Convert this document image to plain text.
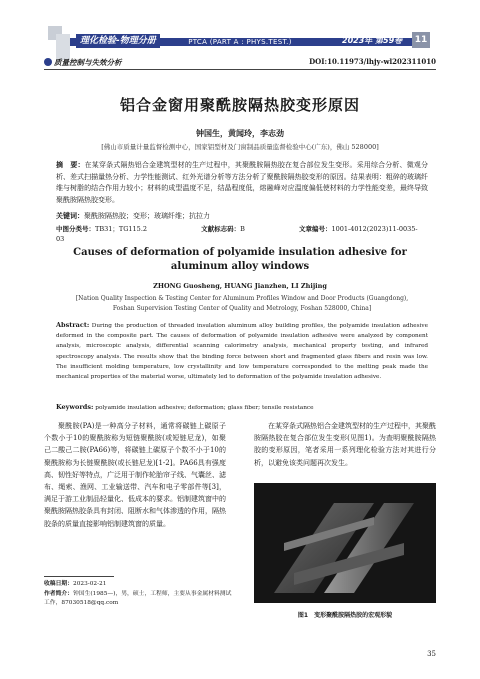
理化检验-物理分册	PTCA (PART A : PHYS.TEST.)	2023年 第59卷	11
质量控制与失效分析	DOI:10.11973/lhjy-wl202311010
铝合金窗用聚酰胺隔热胶变形原因
钟国生，黄闻玲，李志劲
[佛山市质量计量监督检测中心，国家铝型材及门窗制品质量监督检验中心(广东)，佛山 528000]
摘　要：在某穿条式隔热铝合金建筑型材的生产过程中，其聚酰胺隔热胶在复合部位发生变形。采用综合分析、微观分析、差式扫描量热分析、力学性能测试、红外光谱分析等方法分析了聚酰胺隔热胶变形的原因。结果表明：粗碎的玻璃纤维与树脂的结合作用力较小；材料的成型温度不足，结晶程度低，熔融峰对应温度偏低使材料的力学性能变差，最终导致聚酰胺隔热胶变形。
关键词：聚酰胺隔热胶；变形；玻璃纤维；抗拉力
中图分类号：TB31；TG115.2	文献标志码：B	文章编号：1001-4012(2023)11-0035-03
Causes of deformation of polyamide insulation adhesive for
aluminum alloy windows
ZHONG Guosheng, HUANG Jianzhen, LI Zhijing
[Nation Quality Inspection & Testing Center for Aluminum Profiles Window and Door Products (Guangdong),
Foshan Supervision Testing Center of Quality and Metrology, Foshan 528000, China]
Abstract: During the production of threaded insulation aluminum alloy building profiles, the polyamide insulation adhesive deformed in the composite part. The causes of deformation of polyamide insulation adhesive were analyzed by component analysis, microscopic analysis, differential scanning calorimetry analysis, mechanical property testing, and infrared spectroscopy analysis. The results show that the binding force between short and fragmented glass fibers and resin was low. The insufficient molding temperature, low crystallinity and low temperature corresponded to the melting peak made the mechanical properties of the material worse, ultimately led to deformation of the polyamide insulation adhesive.
Keywords: polyamide insulation adhesive; deformation; glass fiber; tensile resistance
聚酰胺(PA)是一种高分子材料，通常将碳链上碳原子个数小于10的聚酰胺称为短链聚酰胺(或短链尼龙)，如聚己二酸己二胺(PA66)等，将碳链上碳原子个数不小于10的聚酰胺称为长链聚酰胺(或长链尼龙)[1-2]。PA66具有强度高、韧性好等特点，广泛用于制作轮胎帘子线、气囊丝、滤布、绳索、渔网、工业输送带、汽车和电子零部件等[3]，满足于游工业制品轻量化、低成本的要求。铝制建筑窗中的聚酰胺隔热胶条具有封闭、阻断水和气体渗透的作用，隔热胶条的质量直接影响铝制建筑窗的质量。
在某穿条式隔热铝合金建筑型材的生产过程中，其聚酰胺隔热胶在复合部位发生变形(见图1)。为查明聚酰胺隔热胶的变形原因，笔者采用一系列理化检验方法对其进行分析，以避免该类问题再次发生。
图1　变形聚酰胺隔热胶的宏观形貌
收稿日期：2023-02-21
作者简介：钟国生(1985—)，男，硕士，工程师，主要从事金属材料测试工作，87030518@qq.com
35
